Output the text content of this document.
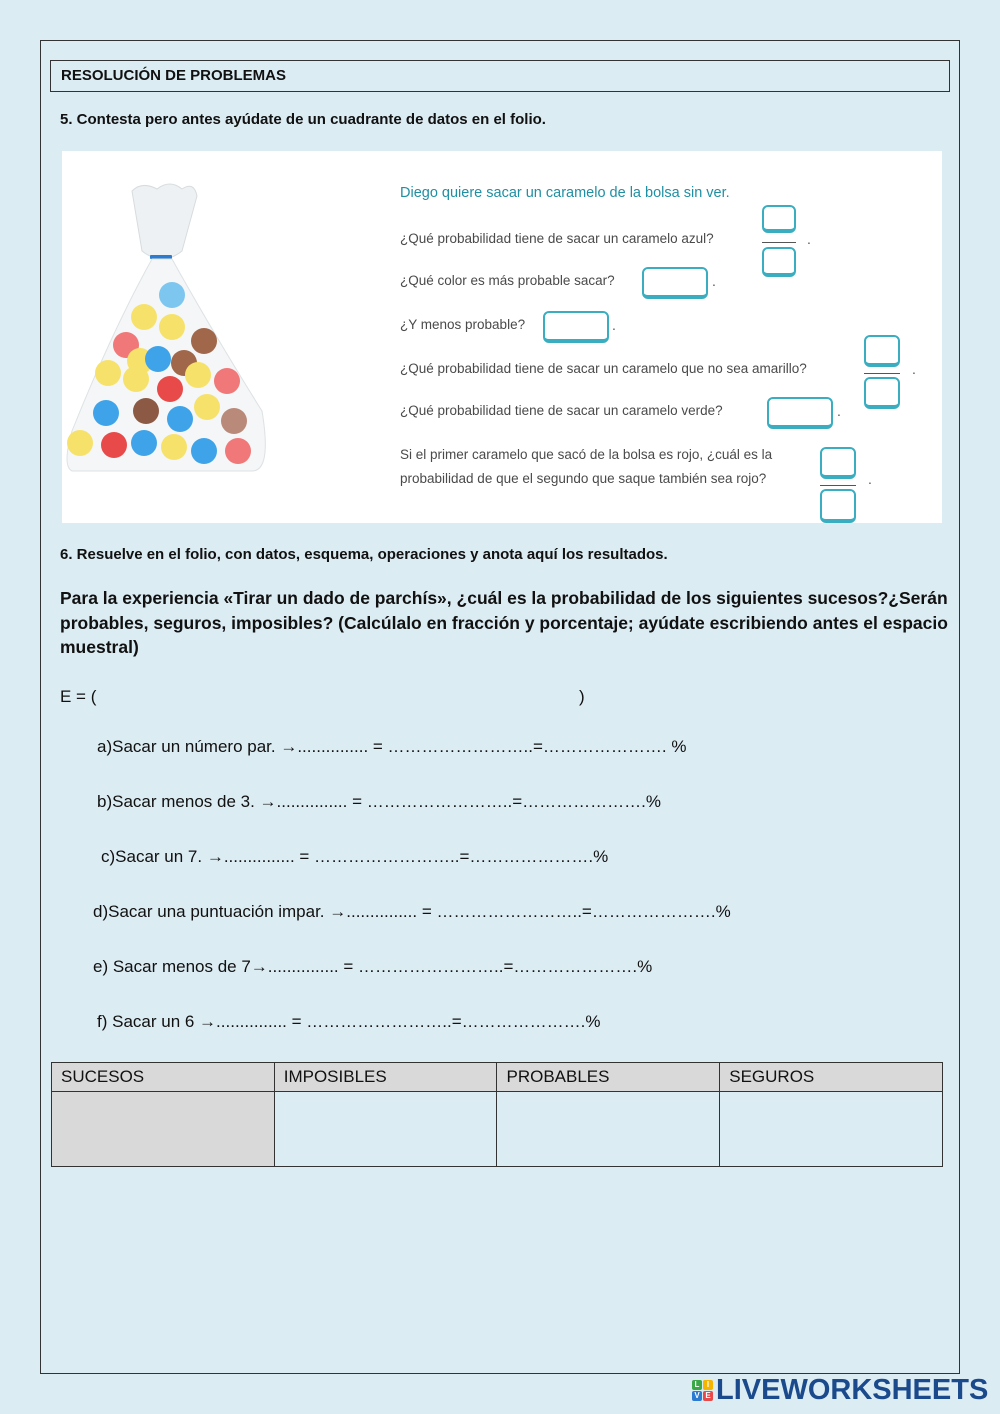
RESOLUCIÓN DE PROBLEMAS
5. Contesta pero antes ayúdate de un cuadrante de datos en el folio.
Diego quiere sacar un caramelo de la bolsa sin ver.
¿Qué probabilidad tiene de sacar un caramelo azul?	.
¿Qué color es más probable sacar?	.
¿Y menos probable?	.
¿Qué probabilidad tiene de sacar un caramelo que no sea amarillo?	.
¿Qué probabilidad tiene de sacar un caramelo verde?	.
Si el primer caramelo que sacó de la bolsa es rojo, ¿cuál es la
probabilidad de que el segundo que saque también sea rojo?	.
6. Resuelve en el folio, con datos, esquema, operaciones y anota aquí los resultados.
Para la experiencia «Tirar un dado de parchís», ¿cuál es la probabilidad de los siguientes sucesos?¿Serán probables, seguros, imposibles? (Calcúlalo en fracción y porcentaje; ayúdate escribiendo antes el espacio muestral)
E = (	)
a)Sacar un número par. →............... = ……………………..=…………………. %
b)Sacar menos de 3. →............... = ……………………..=………………….%
c)Sacar un 7. →............... = ……………………..=………………….%
d)Sacar una puntuación impar. →............... = ……………………..=………………….%
e) Sacar menos de 7→............... = ……………………..=………………….%
f) Sacar un 6 →............... = ……………………..=………………….%
SUCESOS	IMPOSIBLES	PROBABLES	SEGUROS

L I
V E LIVEWORKSHEETS
